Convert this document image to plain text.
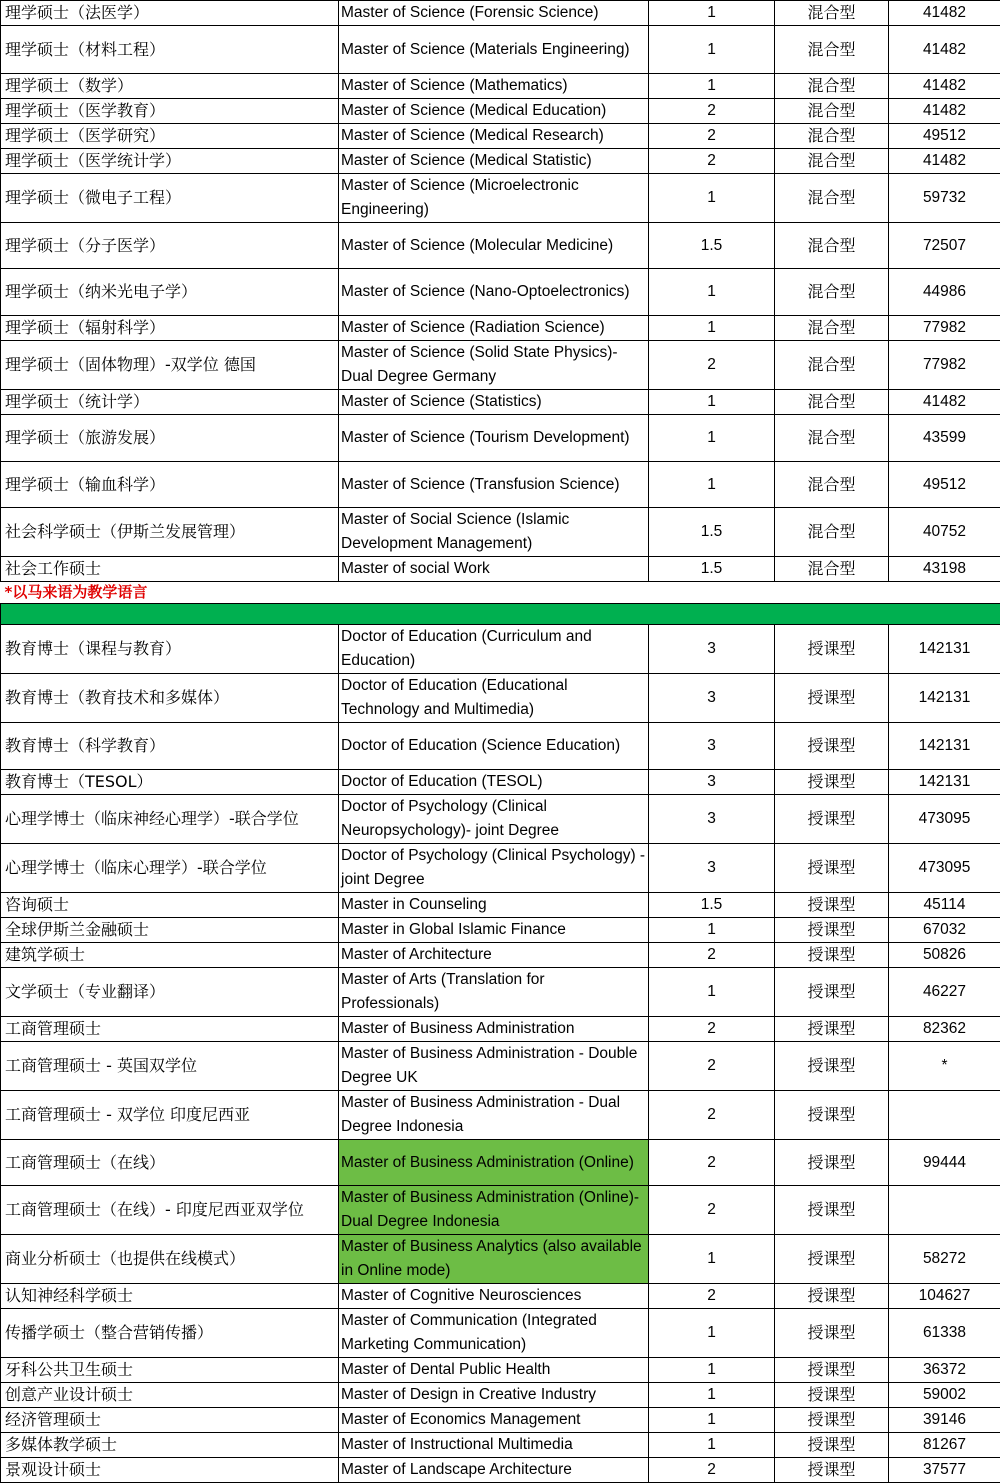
理学硕士（法医学）	Master of Science (Forensic Science)	1	混合型	41482
理学硕士（材料工程）	Master of Science (Materials Engineering)	1	混合型	41482
理学硕士（数学）	Master of Science (Mathematics)	1	混合型	41482
理学硕士（医学教育）	Master of Science (Medical Education)	2	混合型	41482
理学硕士（医学研究）	Master of Science (Medical Research)	2	混合型	49512
理学硕士（医学统计学）	Master of Science (Medical Statistic)	2	混合型	41482
理学硕士（微电子工程）	Master of Science (Microelectronic Engineering)	1	混合型	59732
理学硕士（分子医学）	Master of Science (Molecular Medicine)	1.5	混合型	72507
理学硕士（纳米光电子学）	Master of Science (Nano-Optoelectronics)	1	混合型	44986
理学硕士（辐射科学）	Master of Science (Radiation Science)	1	混合型	77982
理学硕士（固体物理）-双学位 德国	Master of Science (Solid State Physics)-Dual Degree Germany	2	混合型	77982
理学硕士（统计学）	Master of Science (Statistics)	1	混合型	41482
理学硕士（旅游发展）	Master of Science (Tourism Development)	1	混合型	43599
理学硕士（输血科学）	Master of Science (Transfusion Science)	1	混合型	49512
社会科学硕士（伊斯兰发展管理）	Master of Social Science (Islamic Development Management)	1.5	混合型	40752
社会工作硕士	Master of social Work	1.5	混合型	43198
*以马来语为教学语言				

教育博士（课程与教育）	Doctor of Education (Curriculum and Education)	3	授课型	142131
教育博士（教育技术和多媒体）	Doctor of Education (Educational Technology and Multimedia)	3	授课型	142131
教育博士（科学教育）	Doctor of Education (Science Education)	3	授课型	142131
教育博士（TESOL）	Doctor of Education (TESOL)	3	授课型	142131
心理学博士（临床神经心理学）-联合学位	Doctor of Psychology (Clinical Neuropsychology)- joint Degree	3	授课型	473095
心理学博士（临床心理学）-联合学位	Doctor of Psychology (Clinical Psychology) -joint Degree	3	授课型	473095
咨询硕士	Master in Counseling	1.5	授课型	45114
全球伊斯兰金融硕士	Master in Global Islamic Finance	1	授课型	67032
建筑学硕士	Master of Architecture	2	授课型	50826
文学硕士（专业翻译）	Master of Arts (Translation for Professionals)	1	授课型	46227
工商管理硕士	Master of Business Administration	2	授课型	82362
工商管理硕士 - 英国双学位	Master of Business Administration - Double Degree UK	2	授课型	*
工商管理硕士 - 双学位 印度尼西亚	Master of Business Administration - Dual Degree Indonesia	2	授课型	
工商管理硕士（在线）	Master of Business Administration (Online)	2	授课型	99444
工商管理硕士（在线）- 印度尼西亚双学位	Master of Business Administration (Online)- Dual Degree Indonesia	2	授课型	
商业分析硕士（也提供在线模式）	Master of Business Analytics (also available in Online mode)	1	授课型	58272
认知神经科学硕士	Master of Cognitive Neurosciences	2	授课型	104627
传播学硕士（整合营销传播）	Master of Communication (Integrated Marketing Communication)	1	授课型	61338
牙科公共卫生硕士	Master of Dental Public Health	1	授课型	36372
创意产业设计硕士	Master of Design in Creative Industry	1	授课型	59002
经济管理硕士	Master of Economics Management	1	授课型	39146
多媒体教学硕士	Master of Instructional Multimedia	1	授课型	81267
景观设计硕士	Master of Landscape Architecture	2	授课型	37577
